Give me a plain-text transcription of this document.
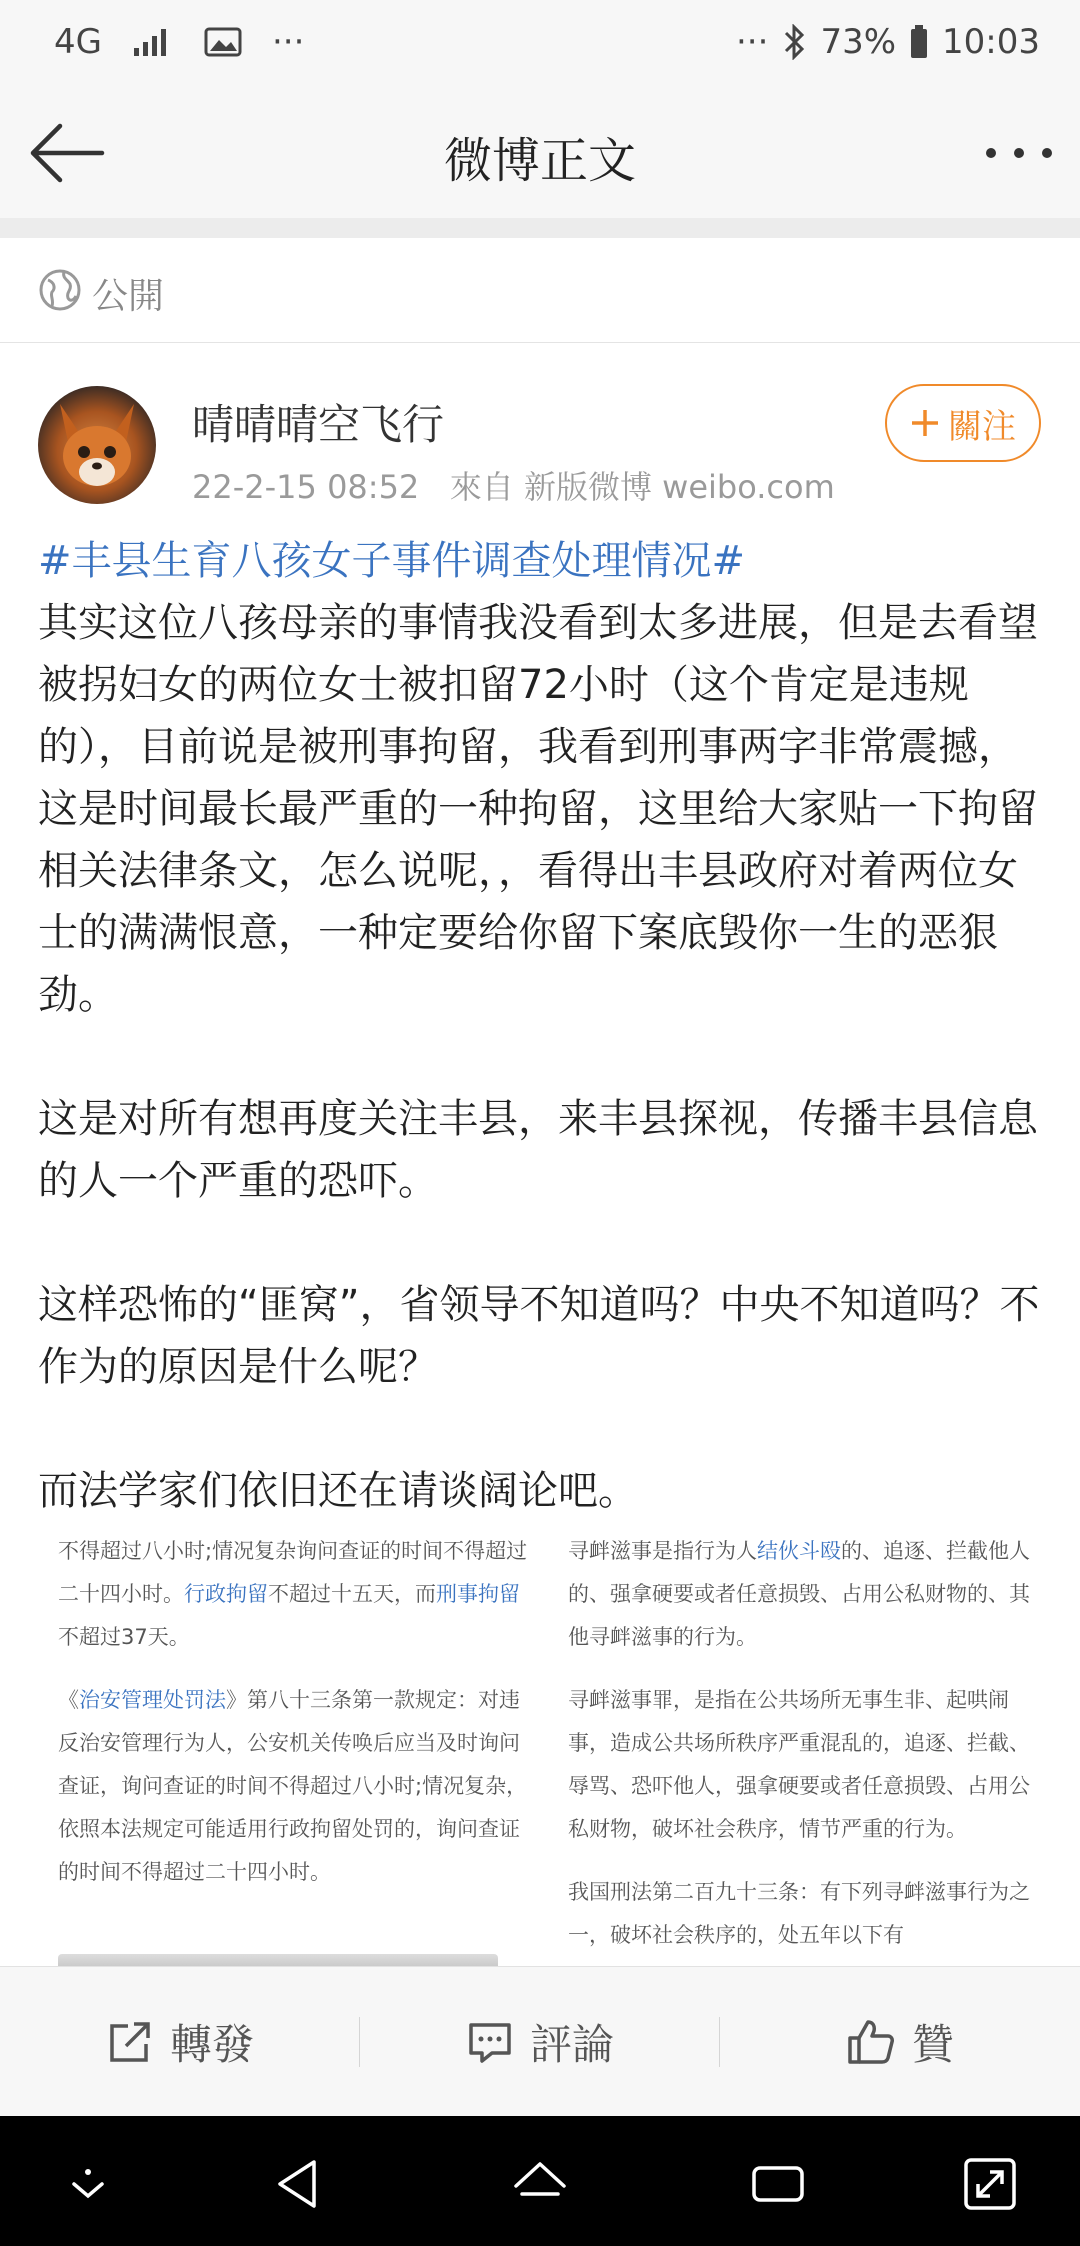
4G	···	··· 73% 10:03
微博正文
公開
晴晴晴空飞行
22-2-15 08:52 來自 新版微博 weibo.com
關注
#丰县生育八孩女子事件调查处理情况#

其实这位八孩母亲的事情我没看到太多进展，但是去看望被拐妇女的两位女士被扣留72小时（这个肯定是违规的），目前说是被刑事拘留，我看到刑事两字非常震撼，这是时间最长最严重的一种拘留，这里给大家贴一下拘留相关法律条文，怎么说呢，，看得出丰县政府对着两位女士的满满恨意，一种定要给你留下案底毁你一生的恶狠劲。

这是对所有想再度关注丰县，来丰县探视，传播丰县信息的人一个严重的恐吓。

这样恐怖的“匪窝”，省领导不知道吗？中央不知道吗？不作为的原因是什么呢？

而法学家们依旧还在请谈阔论吧。

不得超过八小时;情况复杂询问查证的时间不得超过二十四小时。行政拘留不超过十五天，而刑事拘留不超过37天。
《治安管理处罚法》第八十三条第一款规定：对违反治安管理行为人，公安机关传唤后应当及时询问查证，询问查证的时间不得超过八小时;情况复杂，依照本法规定可能适用行政拘留处罚的，询问查证的时间不得超过二十四小时。
寻衅滋事是指行为人结伙斗殴的、追逐、拦截他人的、强拿硬要或者任意损毁、占用公私财物的、其他寻衅滋事的行为。
寻衅滋事罪，是指在公共场所无事生非、起哄闹事，造成公共场所秩序严重混乱的，追逐、拦截、辱骂、恐吓他人，强拿硬要或者任意损毁、占用公私财物，破坏社会秩序，情节严重的行为。
我国刑法第二百九十三条：有下列寻衅滋事行为之一，破坏社会秩序的，处五年以下有
轉發	評論	贊
